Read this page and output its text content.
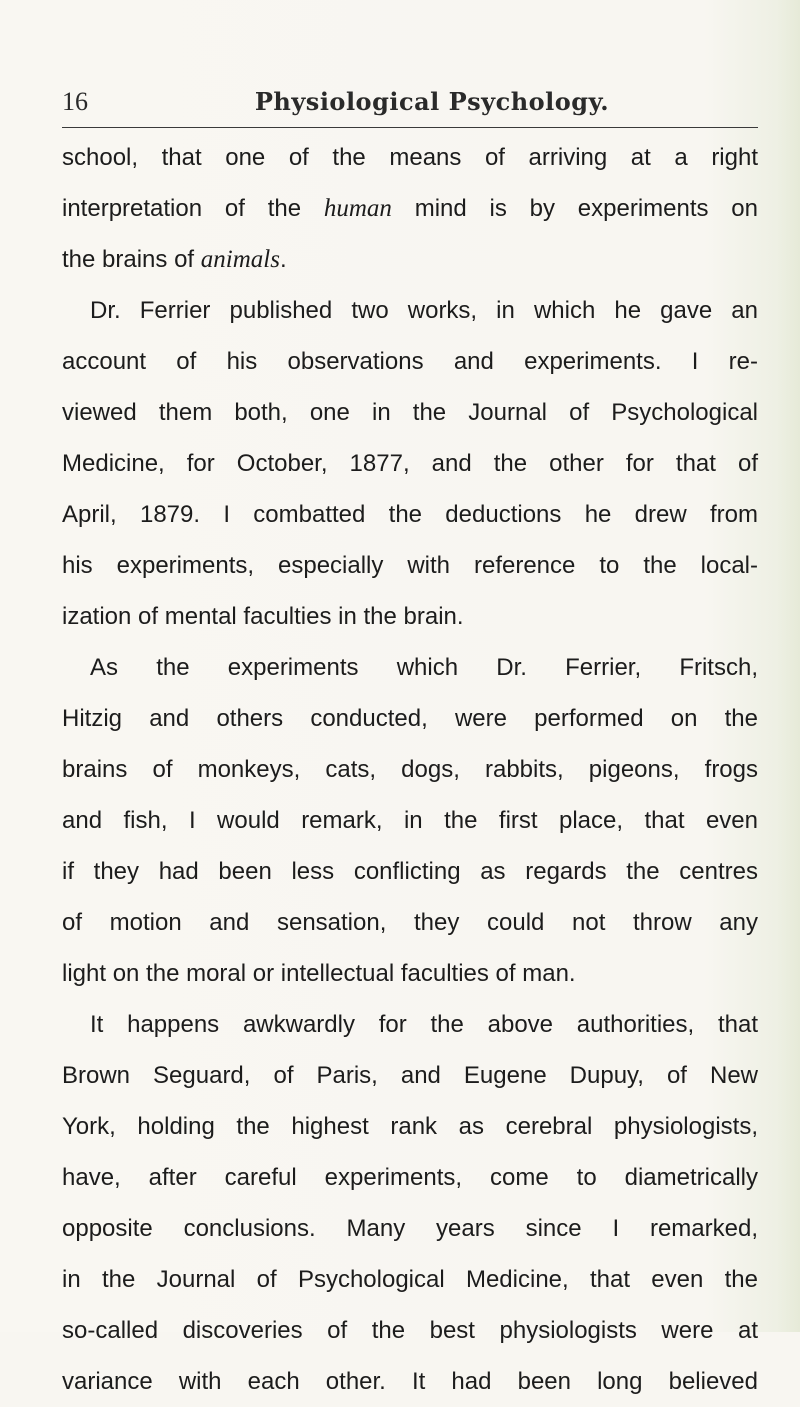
16	Physiological Psychology.
school, that one of the means of arriving at a right
interpretation of the human mind is by experiments on
the brains of animals.
Dr. Ferrier published two works, in which he gave an
account of his observations and experiments. I re-
viewed them both, one in the Journal of Psychological
Medicine, for October, 1877, and the other for that of
April, 1879. I combatted the deductions he drew from
his experiments, especially with reference to the local-
ization of mental faculties in the brain.
As the experiments which Dr. Ferrier, Fritsch,
Hitzig and others conducted, were performed on the
brains of monkeys, cats, dogs, rabbits, pigeons, frogs
and fish, I would remark, in the first place, that even
if they had been less conflicting as regards the centres
of motion and sensation, they could not throw any
light on the moral or intellectual faculties of man.
It happens awkwardly for the above authorities, that
Brown Seguard, of Paris, and Eugene Dupuy, of New
York, holding the highest rank as cerebral physiologists,
have, after careful experiments, come to diametrically
opposite conclusions. Many years since I remarked,
in the Journal of Psychological Medicine, that even the
so-called discoveries of the best physiologists were at
variance with each other. It had been long believed
